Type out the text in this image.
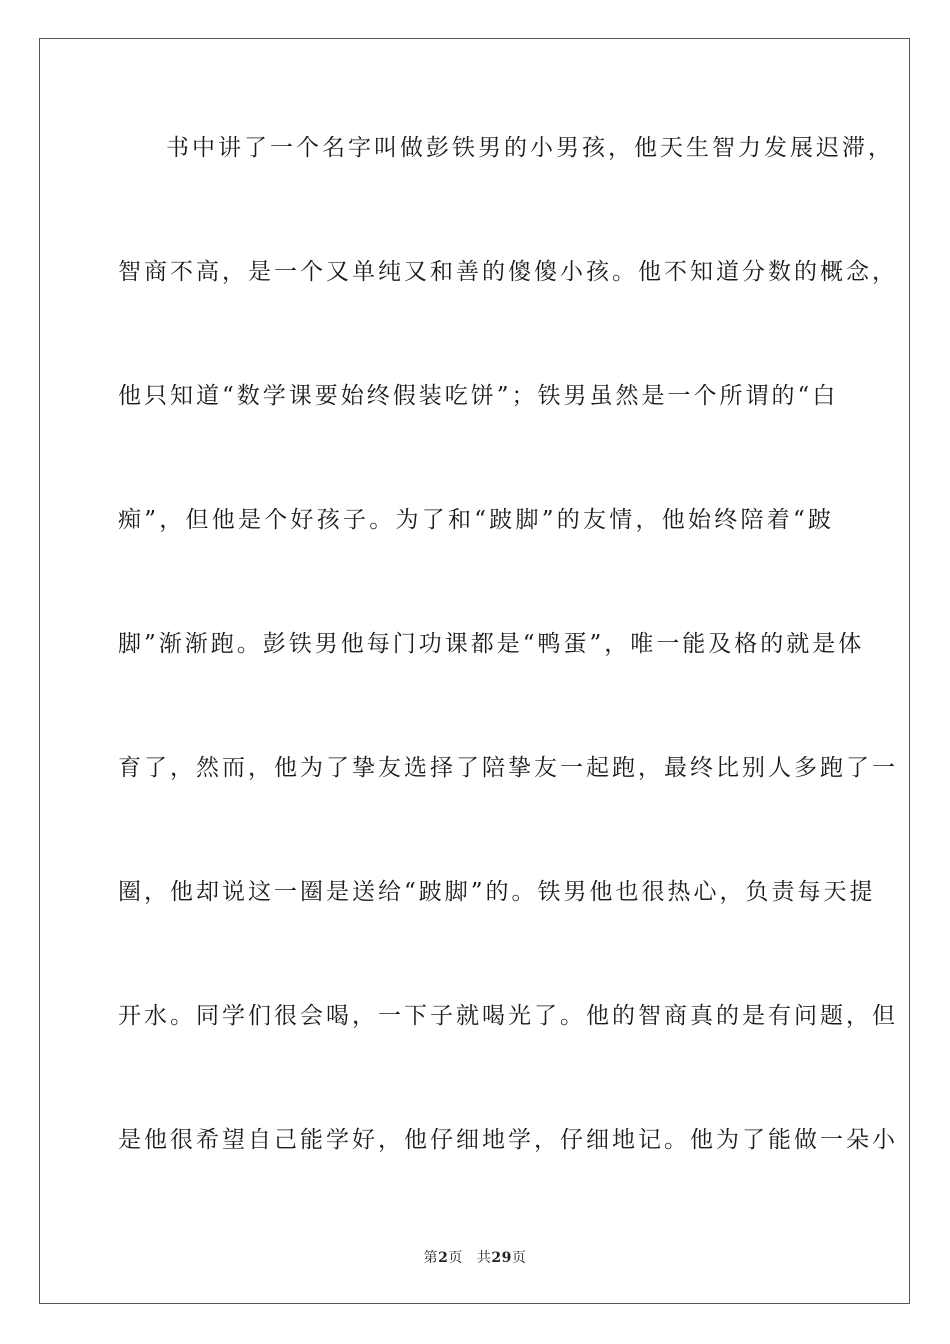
书中讲了一个名字叫做彭铁男的小男孩，他天生智力发展迟滞，

智商不高，是一个又单纯又和善的傻傻小孩。他不知道分数的概念，

他只知道“数学课要始终假装吃饼”；铁男虽然是一个所谓的“白

痴”，但他是个好孩子。为了和“跛脚”的友情，他始终陪着“跛

脚”渐渐跑。彭铁男他每门功课都是“鸭蛋”，唯一能及格的就是体

育了，然而，他为了挚友选择了陪挚友一起跑，最终比别人多跑了一

圈，他却说这一圈是送给“跛脚”的。铁男他也很热心，负责每天提

开水。同学们很会喝，一下子就喝光了。他的智商真的是有问题，但

是他很希望自己能学好，他仔细地学，仔细地记。他为了能做一朵小

第2页 共29页
